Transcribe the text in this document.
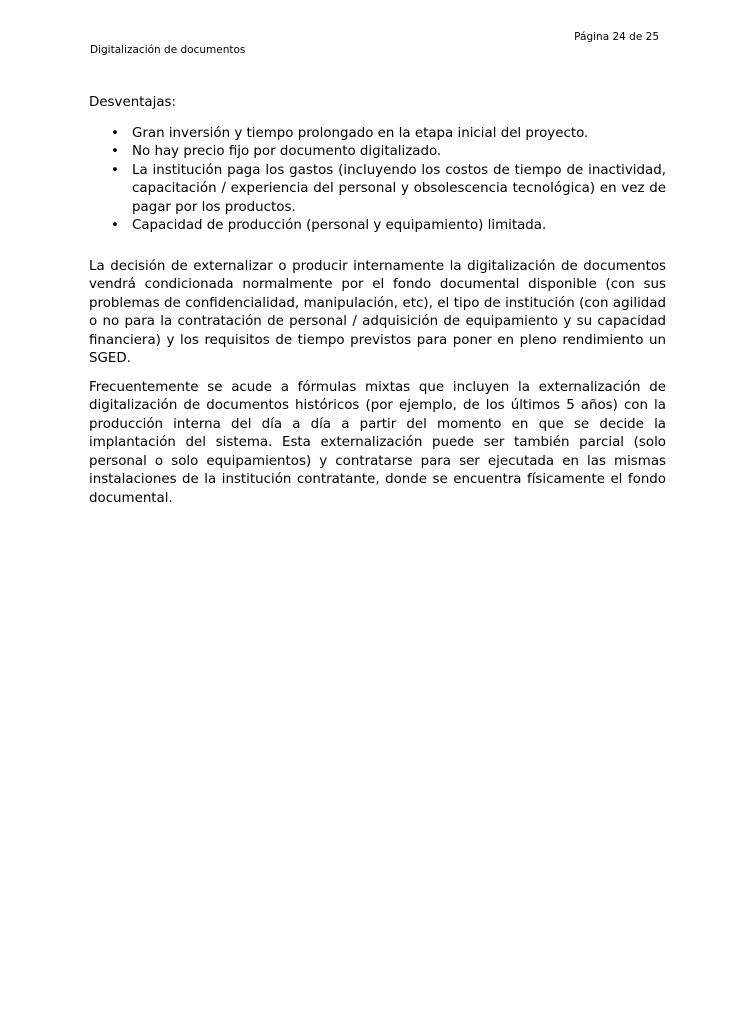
Página 24 de 25
Digitalización de documentos
Desventajas:
• Gran inversión y tiempo prolongado en la etapa inicial del proyecto.
• No hay precio fijo por documento digitalizado.
• La institución paga los gastos (incluyendo los costos de tiempo de inactividad, capacitación / experiencia del personal y obsolescencia tecnológica) en vez de pagar por los productos.
• Capacidad de producción (personal y equipamiento) limitada.

La decisión de externalizar o producir internamente la digitalización de documentos vendrá condicionada normalmente por el fondo documental disponible (con sus problemas de confidencialidad, manipulación, etc), el tipo de institución (con agilidad o no para la contratación de personal / adquisición de equipamiento y su capacidad financiera) y los requisitos de tiempo previstos para poner en pleno rendimiento un SGED.

Frecuentemente se acude a fórmulas mixtas que incluyen la externalización de digitalización de documentos históricos (por ejemplo, de los últimos 5 años) con la producción interna del día a día a partir del momento en que se decide la implantación del sistema. Esta externalización puede ser también parcial (solo personal o solo equipamientos) y contratarse para ser ejecutada en las mismas instalaciones de la institución contratante, donde se encuentra físicamente el fondo documental.
